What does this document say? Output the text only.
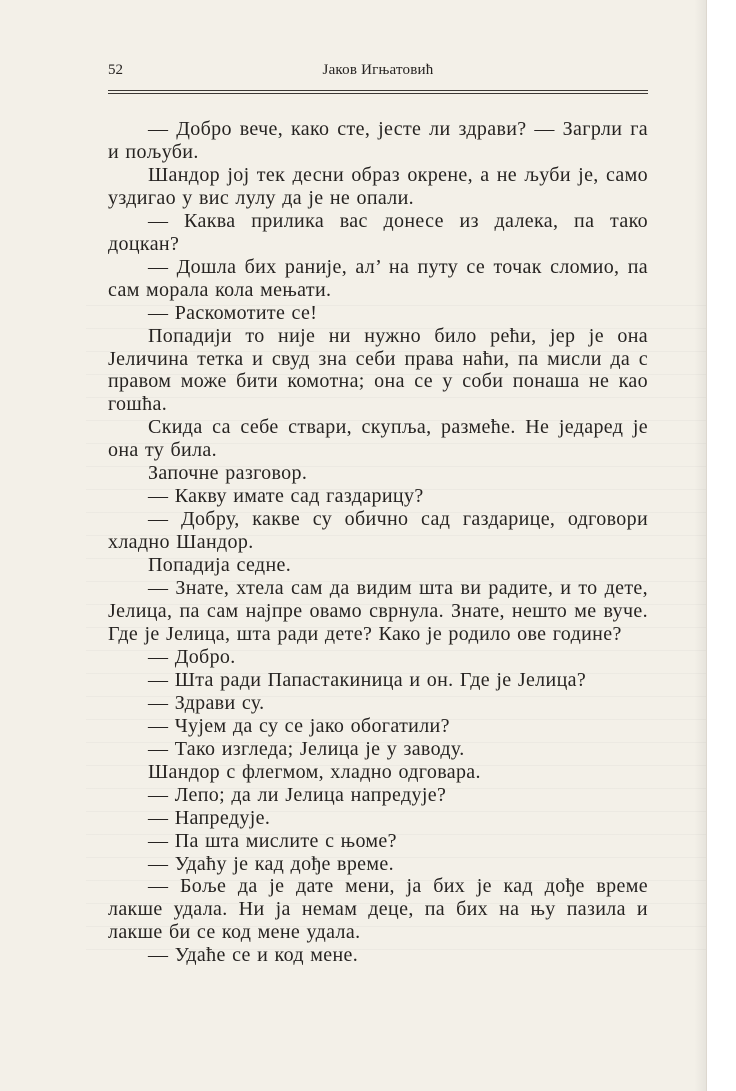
52	Јаков Игњатовић

— Добро вече, како сте, јесте ли здрави? — Загрли га и пољуби.

Шандор јој тек десни образ окрене, а не љуби је, само уздигао у вис лулу да је не опали.

— Каква прилика вас донесе из далека, па тако доцкан?

— Дошла бих раније, ал’ на путу се точак сломио, па сам морала кола мењати.

— Раскомотите се!

Попадији то није ни нужно било рећи, јер је она Јеличина тетка и свуд зна себи права наћи, па мисли да с правом може бити комотна; она се у соби понаша не као гошћа.

Скида са себе ствари, скупља, размеће. Не једаред је она ту била.

Започне разговор.

— Какву имате сад газдарицу?

— Добру, какве су обично сад газдарице, одговори хладно Шандор.

Попадија седне.

— Знате, хтела сам да видим шта ви радите, и то дете, Јелица, па сам најпре овамо сврнула. Знате, нешто ме вуче. Где је Јелица, шта ради дете? Како је родило ове године?

— Добро.

— Шта ради Папастакиница и он. Где је Јелица?

— Здрави су.

— Чујем да су се јако обогатили?

— Тако изгледа; Јелица је у заводу.

Шандор с флегмом, хладно одговара.

— Лепо; да ли Јелица напредује?

— Напредује.

— Па шта мислите с њоме?

— Удаћу је кад дође време.

— Боље да је дате мени, ја бих је кад дође време лакше удала. Ни ја немам деце, па бих на њу пазила и лакше би се код мене удала.

— Удаће се и код мене.
